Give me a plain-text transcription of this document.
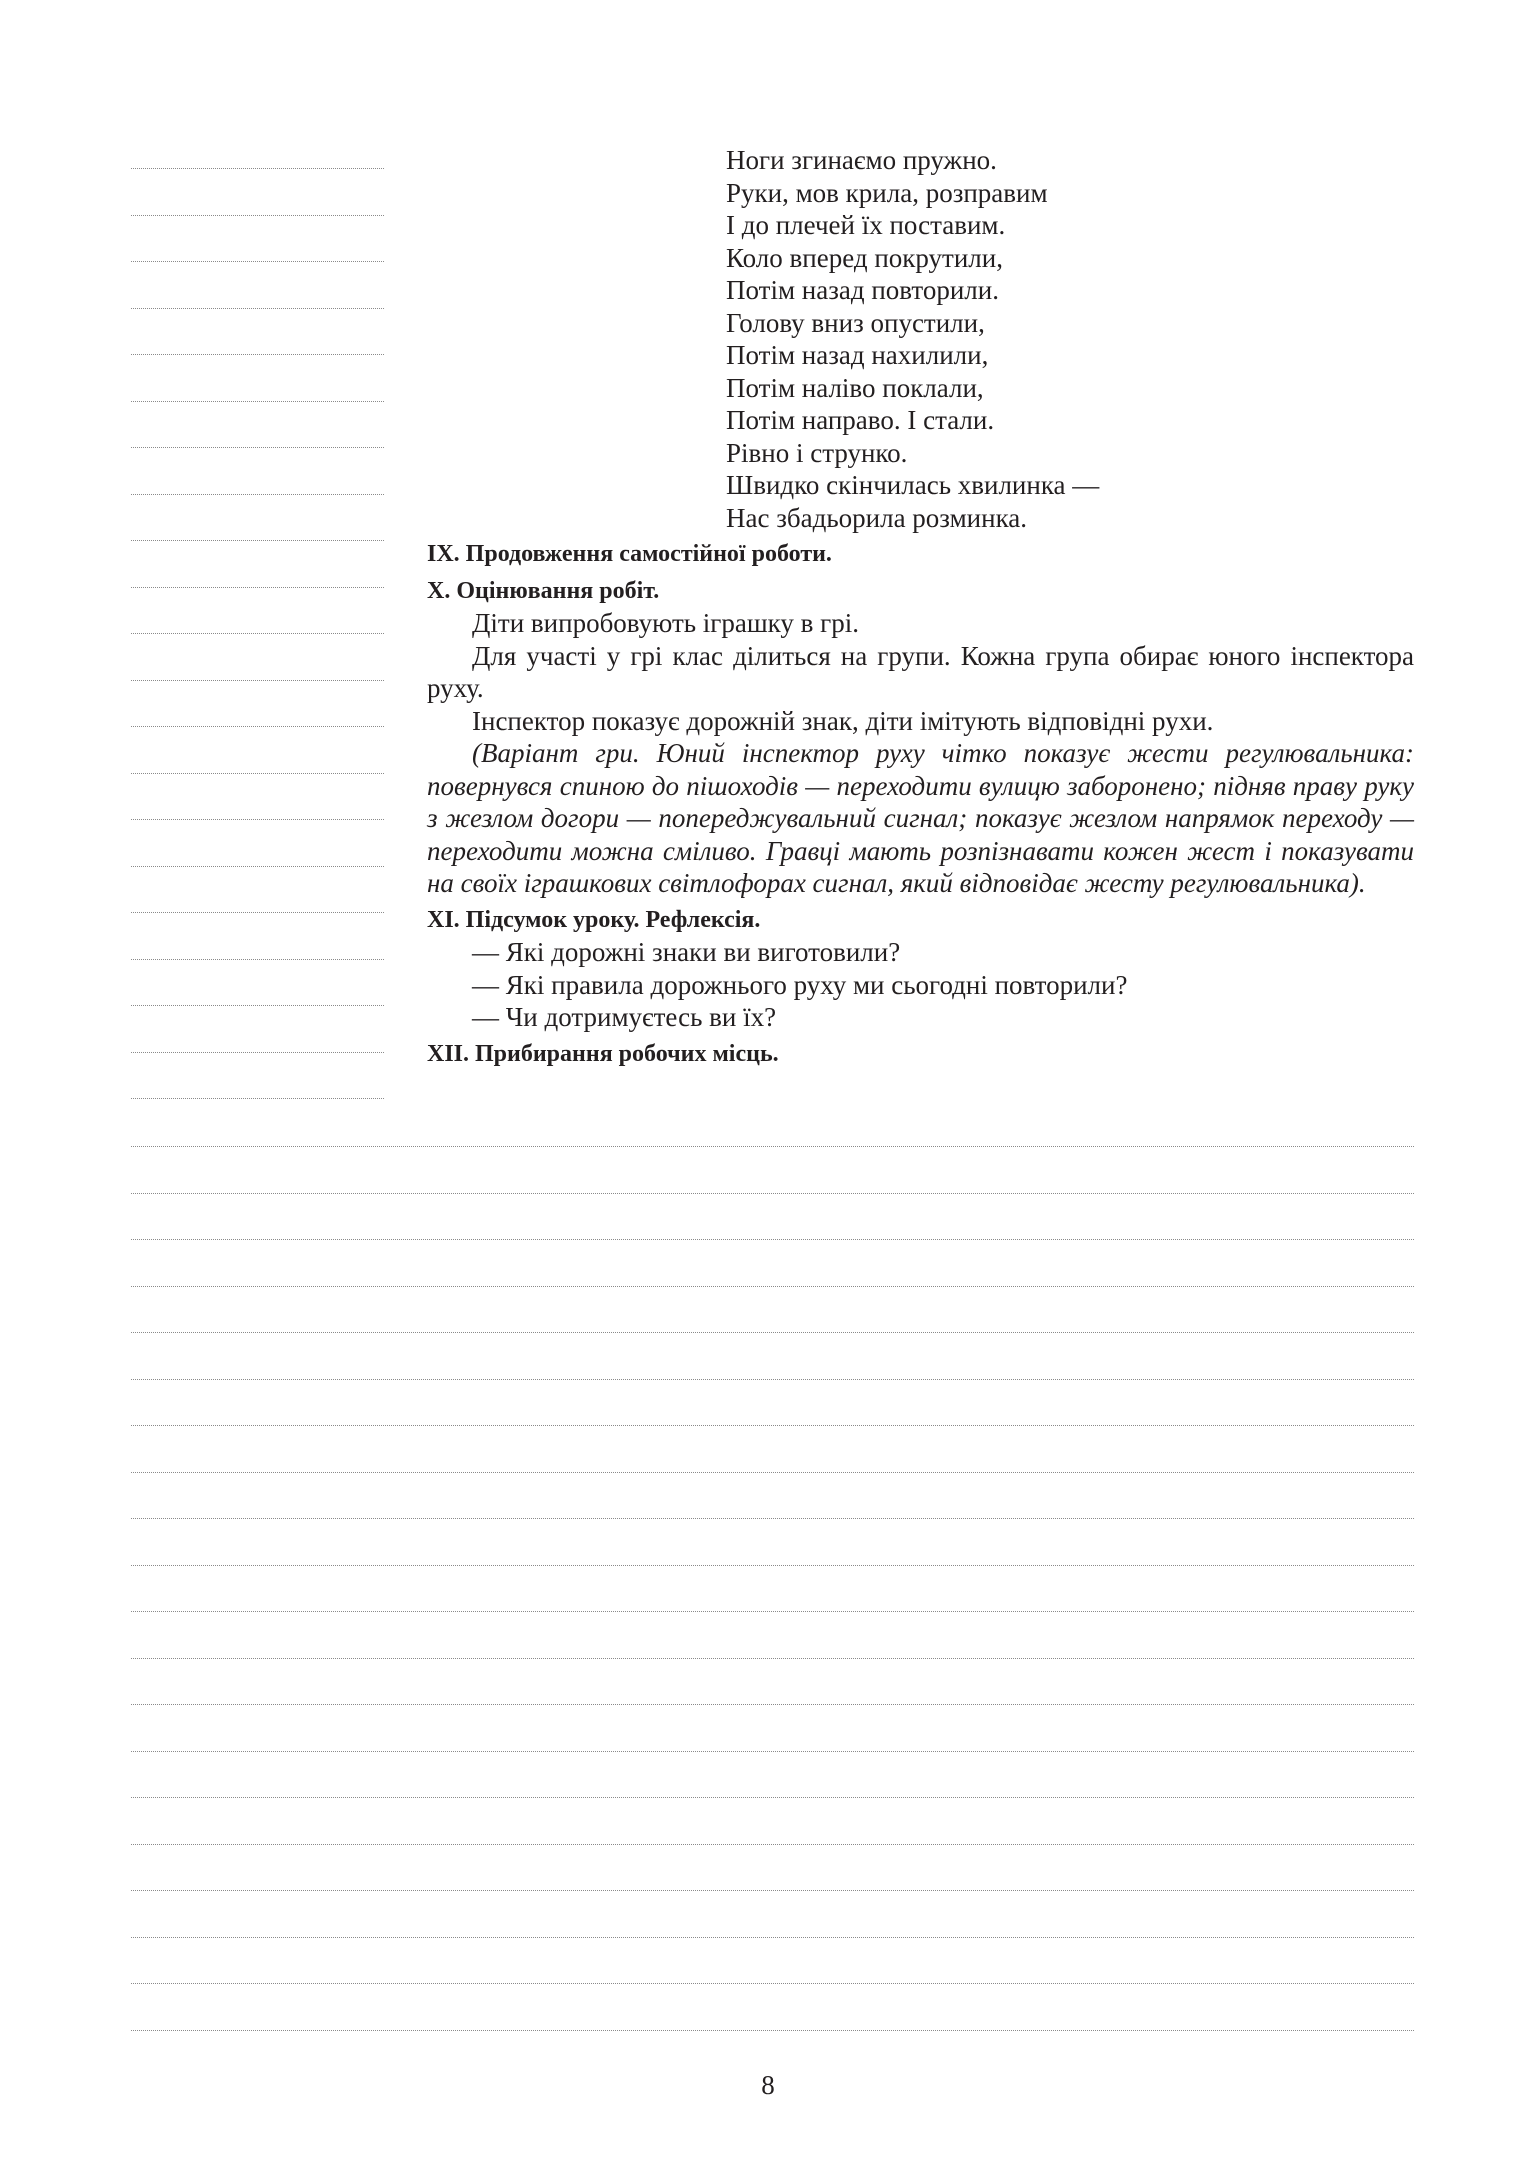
Ноги згинаємо пружно.
Руки, мов крила, розправим
І до плечей їх поставим.
Коло вперед покрутили,
Потім назад повторили.
Голову вниз опустили,
Потім назад нахилили,
Потім наліво поклали,
Потім направо. І стали.
Рівно і струнко.
Швидко скінчилась хвилинка —
Нас збадьорила розминка.
IX. Продовження самостійної роботи.
X. Оцінювання робіт.
Діти випробовують іграшку в грі.
Для участі у грі клас ділиться на групи. Кожна група обирає юного інспектора руху.
Інспектор показує дорожній знак, діти імітують відповідні рухи.
(Варіант гри. Юний інспектор руху чітко показує жести регулювальника: повернувся спиною до пішоходів — переходити вулицю заборонено; підняв праву руку з жезлом догори — попереджувальний сигнал; показує жезлом напрямок переходу — переходити можна сміливо. Гравці мають розпізнавати кожен жест і показувати на своїх іграшкових світлофорах сигнал, який відповідає жесту регулювальника).
XI. Підсумок уроку. Рефлексія.
— Які дорожні знаки ви виготовили?
— Які правила дорожнього руху ми сьогодні повторили?
— Чи дотримуєтесь ви їх?
XII. Прибирання робочих місць.
8
